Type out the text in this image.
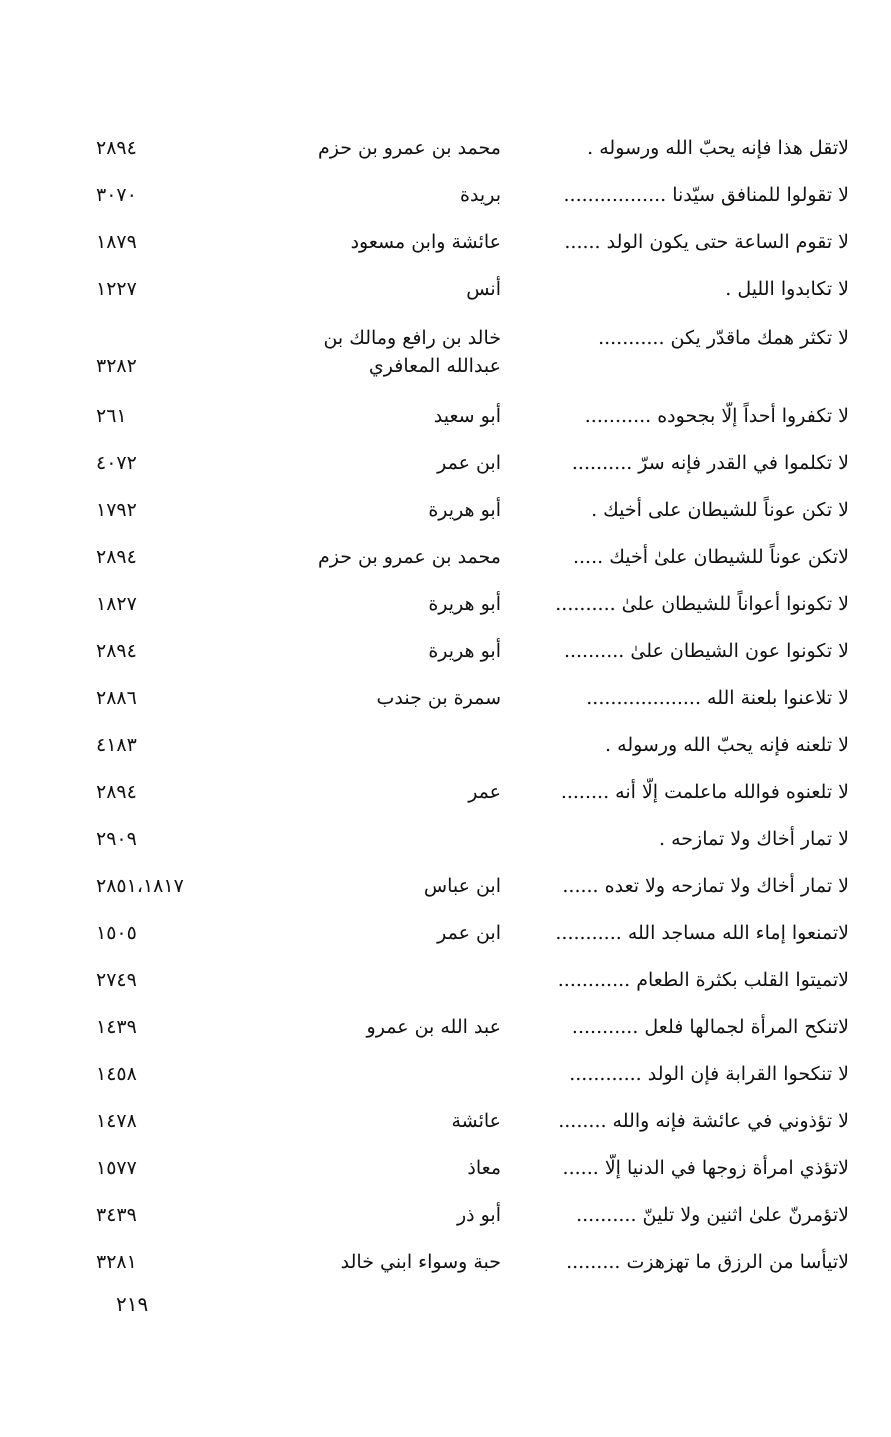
لاتقل هذا فإنه يحبّ الله ورسوله .
محمد بن عمرو بن حزم
٢٨٩٤
لا تقولوا للمنافق سيّدنا .................
بريدة
٣٠٧٠
لا تقوم الساعة حتى يكون الولد ......
عائشة وابن مسعود
١٨٧٩
لا تكابدوا الليل .
أنس
١٢٢٧
لا تكثر همك ماقدّر يكن ...........
خالد بن رافع ومالك بن عبدالله المعافري
٣٢٨٢
لا تكفروا أحداً إلّا بجحوده ...........
أبو سعيد
٢٦١
لا تكلموا في القدر فإنه سرّ ..........
ابن عمر
٤٠٧٢
لا تكن عوناً للشيطان على أخيك .
أبو هريرة
١٧٩٢
لاتكن عوناً للشيطان علىٰ أخيك .....
محمد بن عمرو بن حزم
٢٨٩٤
لا تكونوا أعواناً للشيطان علىٰ ..........
أبو هريرة
١٨٢٧
لا تكونوا عون الشيطان علىٰ ..........
أبو هريرة
٢٨٩٤
لا تلاعنوا بلعنة الله ...................
سمرة بن جندب
٢٨٨٦
لا تلعنه فإنه يحبّ الله ورسوله .
٤١٨٣
لا تلعنوه فوالله ماعلمت إلّا أنه ........
عمر
٢٨٩٤
لا تمار أخاك ولا تمازحه .
٢٩٠٩
لا تمار أخاك ولا تمازحه ولا تعده ......
ابن عباس
٢٨٥١،١٨١٧
لاتمنعوا إماء الله مساجد الله ...........
ابن عمر
١٥٠٥
لاتميتوا القلب بكثرة الطعام ............
٢٧٤٩
لاتنكح المرأة لجمالها فلعل ...........
عبد الله بن عمرو
١٤٣٩
لا تنكحوا القرابة فإن الولد ............
١٤٥٨
لا تؤذوني في عائشة فإنه والله ........
عائشة
١٤٧٨
لاتؤذي امرأة زوجها في الدنيا إلّا ......
معاذ
١٥٧٧
لاتؤمرنّ علىٰ اثنين ولا تلينّ ..........
أبو ذر
٣٤٣٩
لاتيأسا من الرزق ما تهزهزت .........
حبة وسواء ابني خالد
٣٢٨١
٢١٩
